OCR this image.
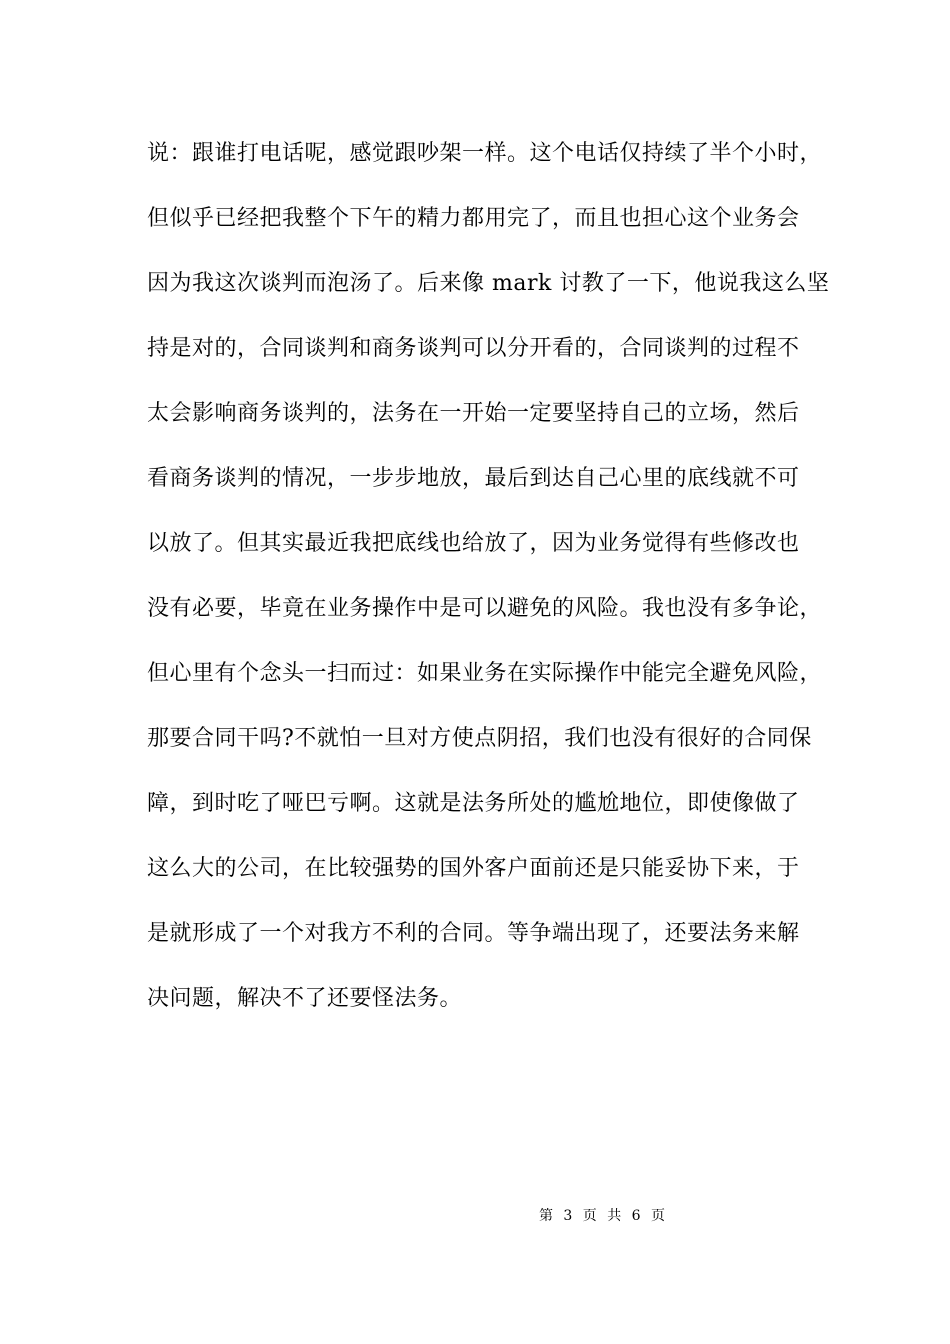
说：跟谁打电话呢，感觉跟吵架一样。这个电话仅持续了半个小时，
但似乎已经把我整个下午的精力都用完了，而且也担心这个业务会
因为我这次谈判而泡汤了。后来像 mark 讨教了一下，他说我这么坚
持是对的，合同谈判和商务谈判可以分开看的，合同谈判的过程不
太会影响商务谈判的，法务在一开始一定要坚持自己的立场，然后
看商务谈判的情况，一步步地放，最后到达自己心里的底线就不可
以放了。但其实最近我把底线也给放了，因为业务觉得有些修改也
没有必要，毕竟在业务操作中是可以避免的风险。我也没有多争论，
但心里有个念头一扫而过：如果业务在实际操作中能完全避免风险，
那要合同干吗?不就怕一旦对方使点阴招，我们也没有很好的合同保
障，到时吃了哑巴亏啊。这就是法务所处的尴尬地位，即使像做了
这么大的公司，在比较强势的国外客户面前还是只能妥协下来，于
是就形成了一个对我方不利的合同。等争端出现了，还要法务来解
决问题，解决不了还要怪法务。
第 3 页 共 6 页
